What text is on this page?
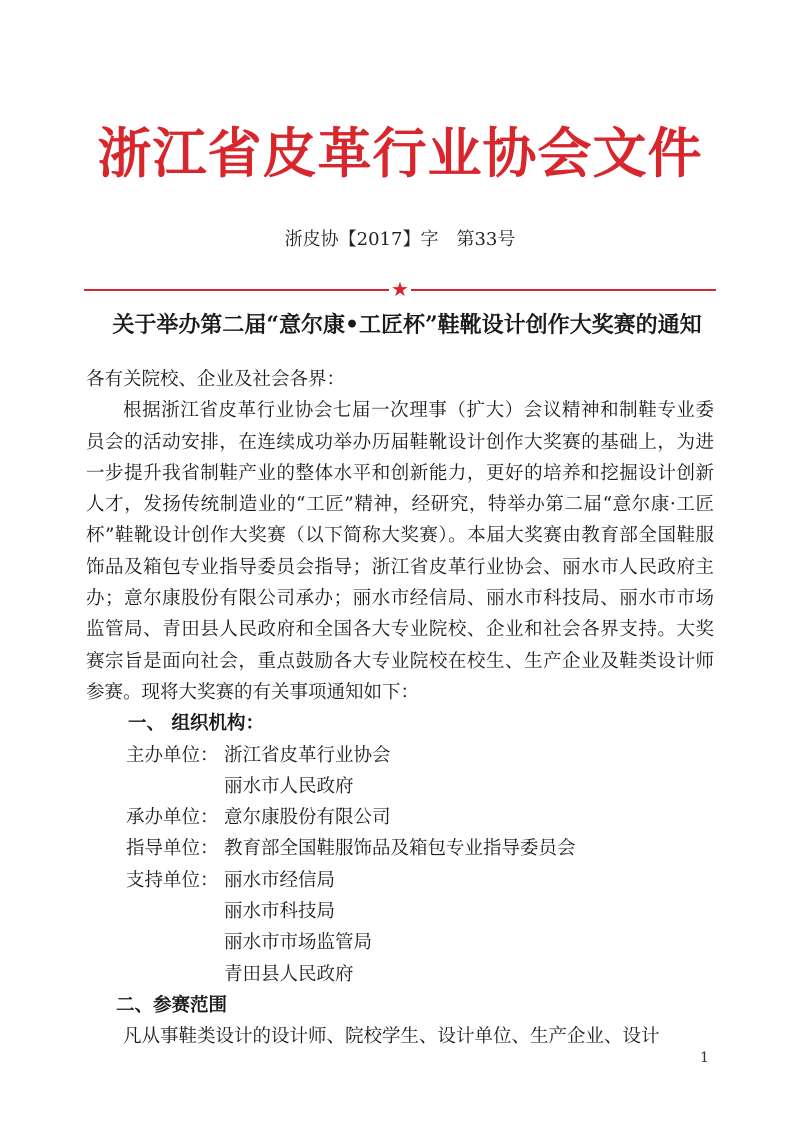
浙江省皮革行业协会文件
浙皮协【2017】字　第33号
★
关于举办第二届“意尔康•工匠杯”鞋靴设计创作大奖赛的通知

各有关院校、企业及社会各界：

根据浙江省皮革行业协会七届一次理事（扩大）会议精神和制鞋专业委员会的活动安排，在连续成功举办历届鞋靴设计创作大奖赛的基础上，为进一步提升我省制鞋产业的整体水平和创新能力，更好的培养和挖掘设计创新人才，发扬传统制造业的“工匠”精神，经研究，特举办第二届“意尔康·工匠杯”鞋靴设计创作大奖赛（以下简称大奖赛）。本届大奖赛由教育部全国鞋服饰品及箱包专业指导委员会指导；浙江省皮革行业协会、丽水市人民政府主办；意尔康股份有限公司承办；丽水市经信局、丽水市科技局、丽水市市场监管局、青田县人民政府和全国各大专业院校、企业和社会各界支持。大奖赛宗旨是面向社会，重点鼓励各大专业院校在校生、生产企业及鞋类设计师参赛。现将大奖赛的有关事项通知如下：

一、 组织机构：

主办单位： 浙江省皮革行业协会

丽水市人民政府

承办单位： 意尔康股份有限公司

指导单位： 教育部全国鞋服饰品及箱包专业指导委员会

支持单位： 丽水市经信局

丽水市科技局

丽水市市场监管局

青田县人民政府

二、参赛范围

凡从事鞋类设计的设计师、院校学生、设计单位、生产企业、设计

1
